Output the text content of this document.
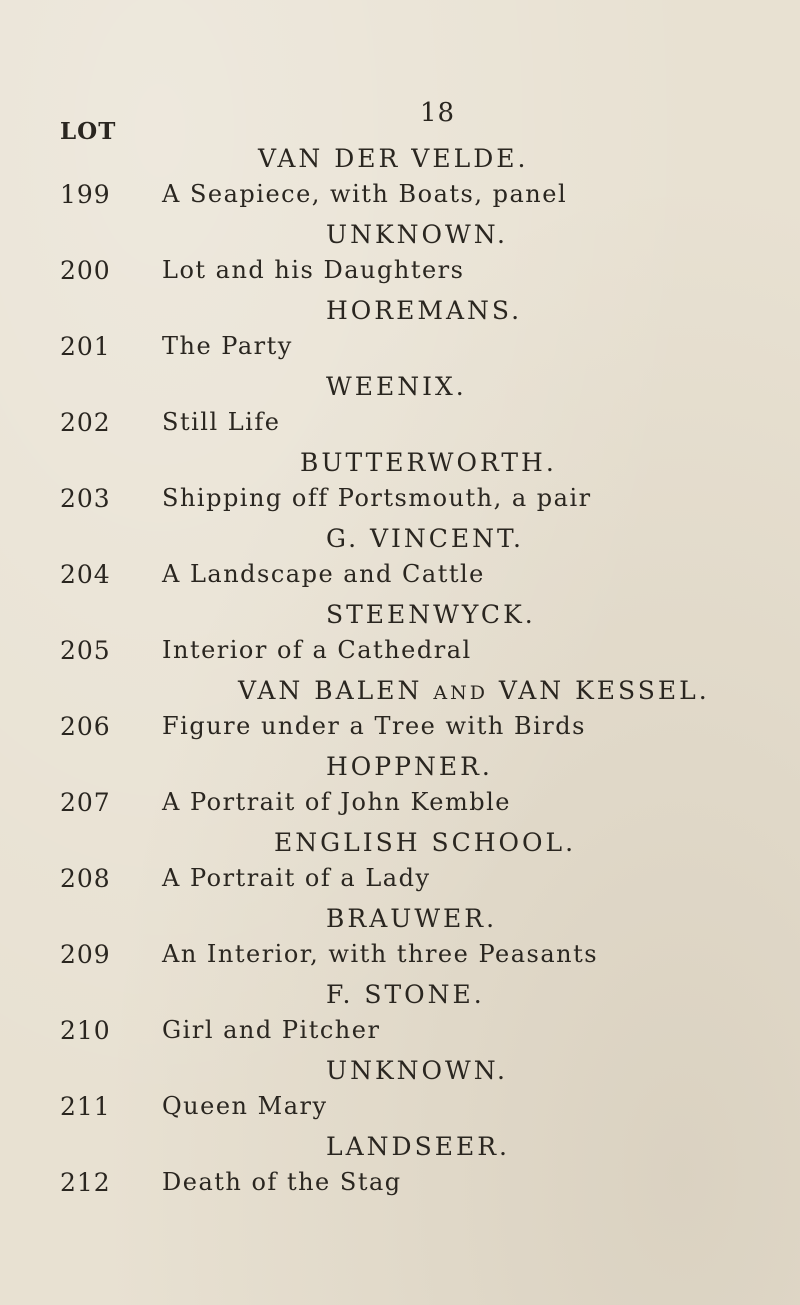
18
LOT
VAN DER VELDE.
199 A Seapiece, with Boats, panel
UNKNOWN.
200 Lot and his Daughters
HOREMANS.
201 The Party
WEENIX.
202 Still Life
BUTTERWORTH.
203 Shipping off Portsmouth, a pair
G. VINCENT.
204 A Landscape and Cattle
STEENWYCK.
205 Interior of a Cathedral
VAN BALEN AND VAN KESSEL.
206 Figure under a Tree with Birds
HOPPNER.
207 A Portrait of John Kemble
ENGLISH SCHOOL.
208 A Portrait of a Lady
BRAUWER.
209 An Interior, with three Peasants
F. STONE.
210 Girl and Pitcher
UNKNOWN.
211 Queen Mary
LANDSEER.
212 Death of the Stag
